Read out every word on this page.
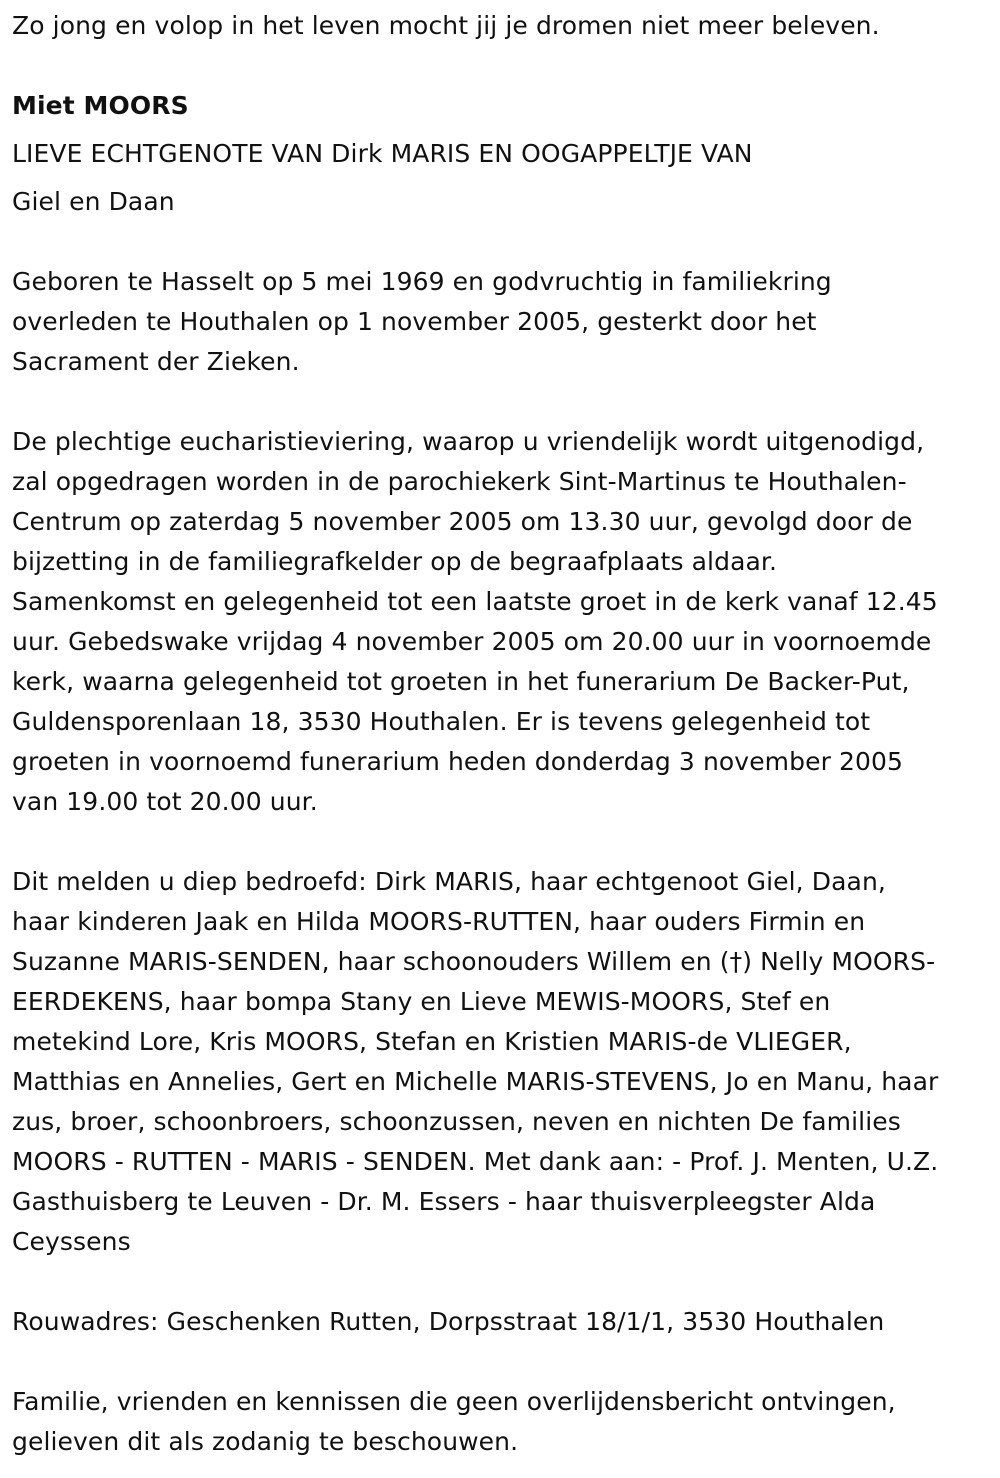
Zo jong en volop in het leven mocht jij je dromen niet meer beleven.
Miet MOORS
LIEVE ECHTGENOTE VAN Dirk MARIS EN OOGAPPELTJE VAN
Giel en Daan
Geboren te Hasselt op 5 mei 1969 en godvruchtig in familiekring
overleden te Houthalen op 1 november 2005, gesterkt door het
Sacrament der Zieken.
De plechtige eucharistieviering, waarop u vriendelijk wordt uitgenodigd,
zal opgedragen worden in de parochiekerk Sint-Martinus te Houthalen-
Centrum op zaterdag 5 november 2005 om 13.30 uur, gevolgd door de
bijzetting in de familiegrafkelder op de begraafplaats aldaar.
Samenkomst en gelegenheid tot een laatste groet in de kerk vanaf 12.45
uur. Gebedswake vrijdag 4 november 2005 om 20.00 uur in voornoemde
kerk, waarna gelegenheid tot groeten in het funerarium De Backer-Put,
Guldensporenlaan 18, 3530 Houthalen. Er is tevens gelegenheid tot
groeten in voornoemd funerarium heden donderdag 3 november 2005
van 19.00 tot 20.00 uur.
Dit melden u diep bedroefd: Dirk MARIS, haar echtgenoot Giel, Daan,
haar kinderen Jaak en Hilda MOORS-RUTTEN, haar ouders Firmin en
Suzanne MARIS-SENDEN, haar schoonouders Willem en (†) Nelly MOORS-
EERDEKENS, haar bompa Stany en Lieve MEWIS-MOORS, Stef en
metekind Lore, Kris MOORS, Stefan en Kristien MARIS-de VLIEGER,
Matthias en Annelies, Gert en Michelle MARIS-STEVENS, Jo en Manu, haar
zus, broer, schoonbroers, schoonzussen, neven en nichten De families
MOORS - RUTTEN - MARIS - SENDEN. Met dank aan: - Prof. J. Menten, U.Z.
Gasthuisberg te Leuven - Dr. M. Essers - haar thuisverpleegster Alda
Ceyssens
Rouwadres: Geschenken Rutten, Dorpsstraat 18/1/1, 3530 Houthalen
Familie, vrienden en kennissen die geen overlijdensbericht ontvingen,
gelieven dit als zodanig te beschouwen.
